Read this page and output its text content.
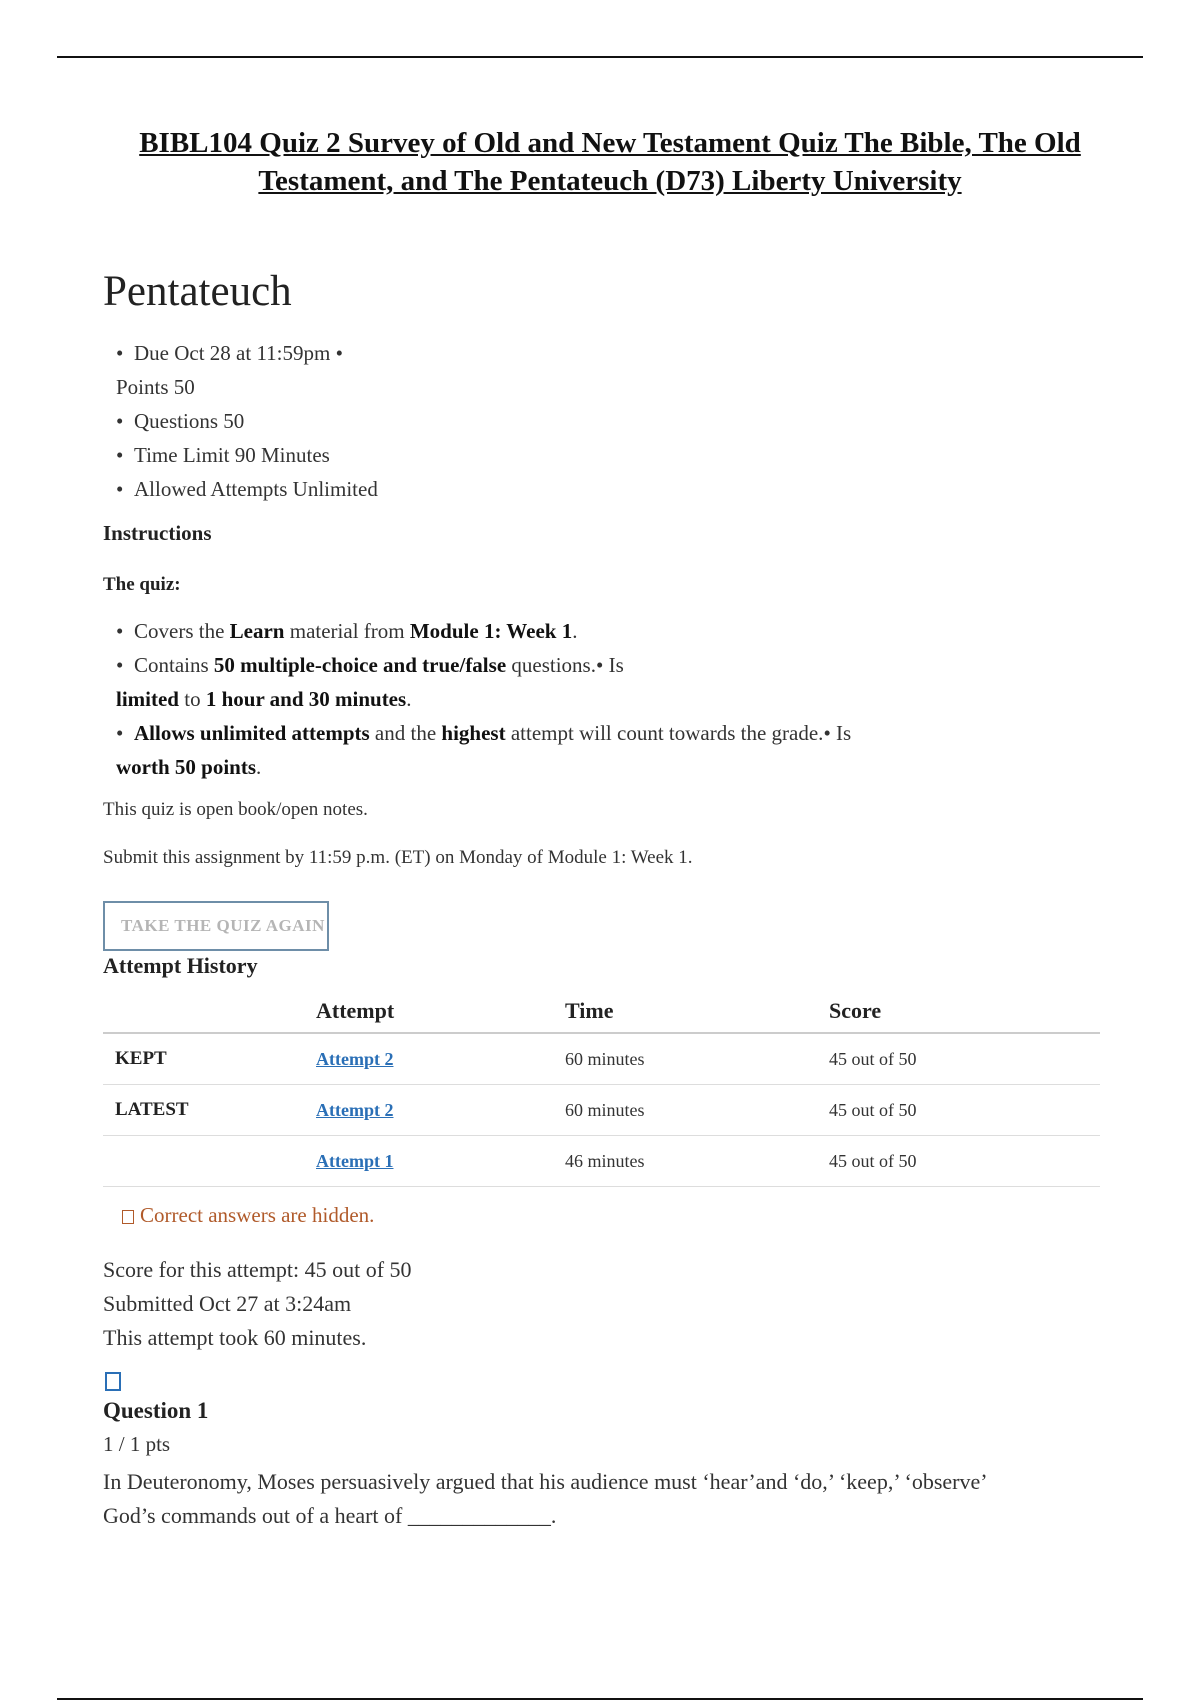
BIBL104 Quiz 2 Survey of Old and New Testament Quiz The Bible, The Old Testament, and The Pentateuch (D73) Liberty University
Pentateuch
• Due Oct 28 at 11:59pm •
Points 50
• Questions 50
• Time Limit 90 Minutes
• Allowed Attempts Unlimited
Instructions
The quiz:
• Covers the Learn material from Module 1: Week 1.
• Contains 50 multiple-choice and true/false questions.• Is
limited to 1 hour and 30 minutes.
• Allows unlimited attempts and the highest attempt will count towards the grade.• Is
worth 50 points.
This quiz is open book/open notes.
Submit this assignment by 11:59 p.m. (ET) on Monday of Module 1: Week 1.
TAKE THE QUIZ AGAIN
Attempt History
	Attempt	Time	Score
KEPT	Attempt 2	60 minutes	45 out of 50
LATEST	Attempt 2	60 minutes	45 out of 50
	Attempt 1	46 minutes	45 out of 50
Correct answers are hidden.
Score for this attempt: 45 out of 50
Submitted Oct 27 at 3:24am
This attempt took 60 minutes.
Question 1
1 / 1 pts
In Deuteronomy, Moses persuasively argued that his audience must ‘hear’and ‘do,’ ‘keep,’ ‘observe’ God’s commands out of a heart of _____________.
